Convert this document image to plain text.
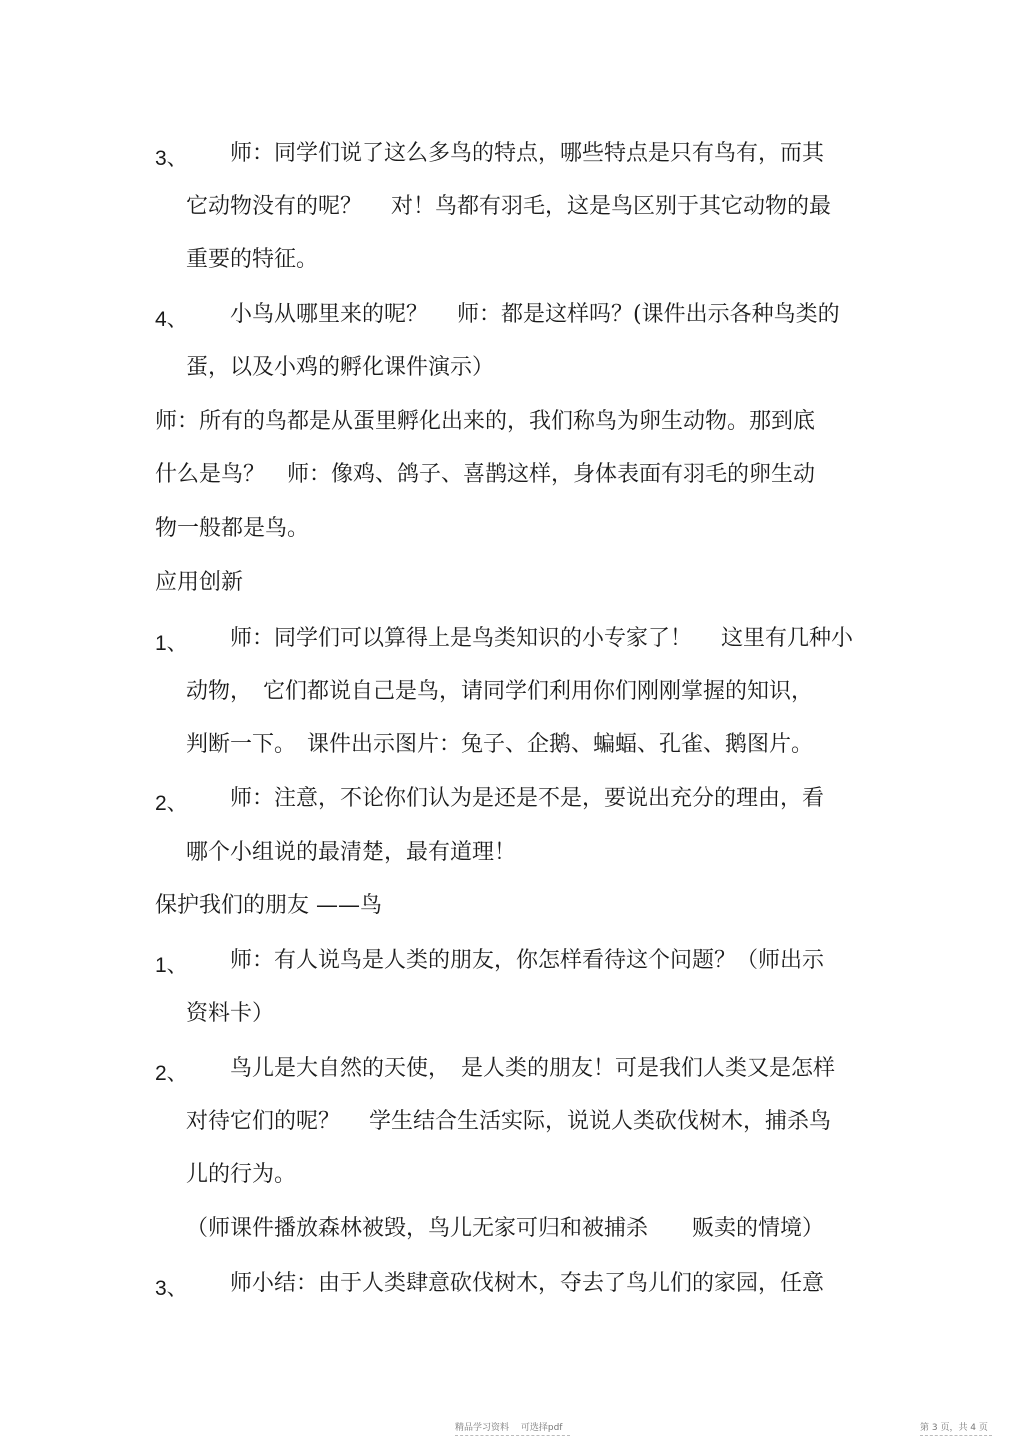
3、 师：同学们说了这么多鸟的特点，哪些特点是只有鸟有，而其
它动物没有的呢？　 对！鸟都有羽毛，这是鸟区别于其它动物的最
重要的特征。
4、 小鸟从哪里来的呢？　 师：都是这样吗？(课件出示各种鸟类的
蛋，以及小鸡的孵化课件演示）
师：所有的鸟都是从蛋里孵化出来的，我们称鸟为卵生动物。那到底
什么是鸟？　师：像鸡、鸽子、喜鹊这样，身体表面有羽毛的卵生动
物一般都是鸟。
应用创新
1、 师：同学们可以算得上是鸟类知识的小专家了！　 这里有几种小
动物，　它们都说自己是鸟，请同学们利用你们刚刚掌握的知识，
判断一下。　课件出示图片：兔子、企鹅、蝙蝠、孔雀、鹅图片。
2、 师：注意，不论你们认为是还是不是，要说出充分的理由，看
哪个小组说的最清楚，最有道理！
保护我们的朋友 ——鸟
1、 师：有人说鸟是人类的朋友，你怎样看待这个问题？（师出示
资料卡）
2、 鸟儿是大自然的天使，　是人类的朋友！可是我们人类又是怎样
对待它们的呢？　 学生结合生活实际，说说人类砍伐树木，捕杀鸟
儿的行为。
（师课件播放森林被毁，鸟儿无家可归和被捕杀　　贩卖的情境）
3、 师小结：由于人类肆意砍伐树木，夺去了鸟儿们的家园，任意
精品学习资料　 可选择pdf	第 3 页，共 4 页
